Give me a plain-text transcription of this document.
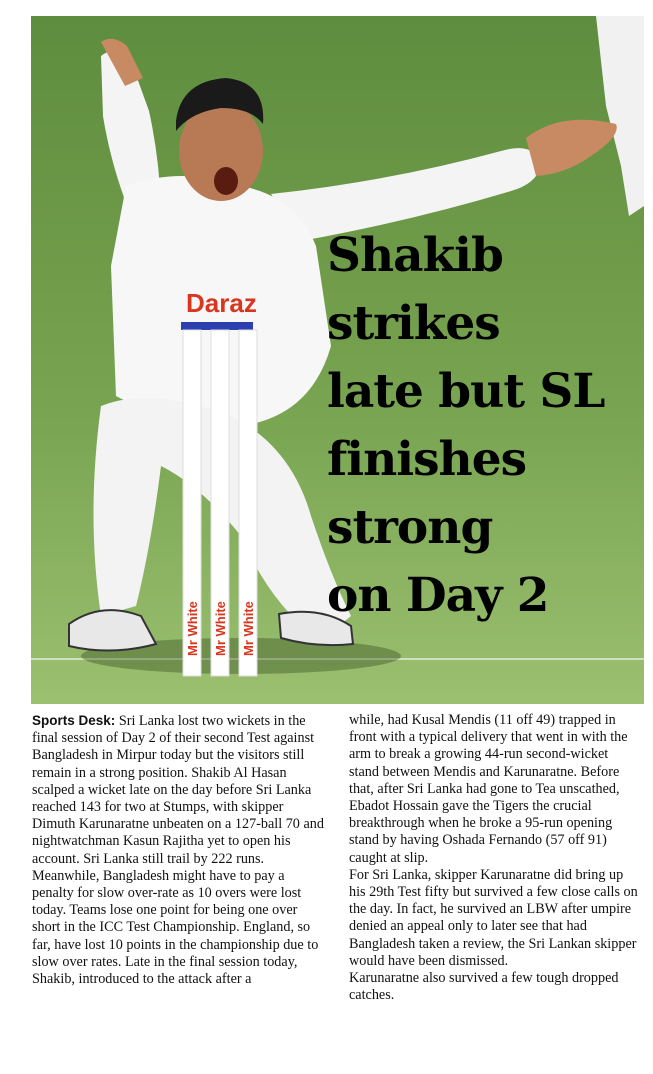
Daraz
Mr White Mr White Mr White
Shakib
strikes
late but SL
finishes
strong
on Day 2

Sports Desk: Sri Lanka lost two wickets in the final session of Day 2 of their second Test against Bangladesh in Mirpur today but the visitors still remain in a strong position. Shakib Al Hasan scalped a wicket late on the day before Sri Lanka reached 143 for two at Stumps, with skipper Dimuth Karunaratne unbeaten on a 127-ball 70 and nightwatchman Kasun Rajitha yet to open his account. Sri Lanka still trail by 222 runs.

Meanwhile, Bangladesh might have to pay a penalty for slow over-rate as 10 overs were lost today. Teams lose one point for being one over short in the ICC Test Championship. England, so far, have lost 10 points in the championship due to slow over rates. Late in the final session today, Shakib, introduced to the attack after a

while, had Kusal Mendis (11 off 49) trapped in front with a typical delivery that went in with the arm to break a growing 44-run second-wicket stand between Mendis and Karunaratne. Before that, after Sri Lanka had gone to Tea unscathed, Ebadot Hossain gave the Tigers the crucial breakthrough when he broke a 95-run opening stand by having Oshada Fernando (57 off 91) caught at slip.

For Sri Lanka, skipper Karunaratne did bring up his 29th Test fifty but survived a few close calls on the day. In fact, he survived an LBW after umpire denied an appeal only to later see that had Bangladesh taken a review, the Sri Lankan skipper would have been dismissed.

Karunaratne also survived a few tough dropped catches.
